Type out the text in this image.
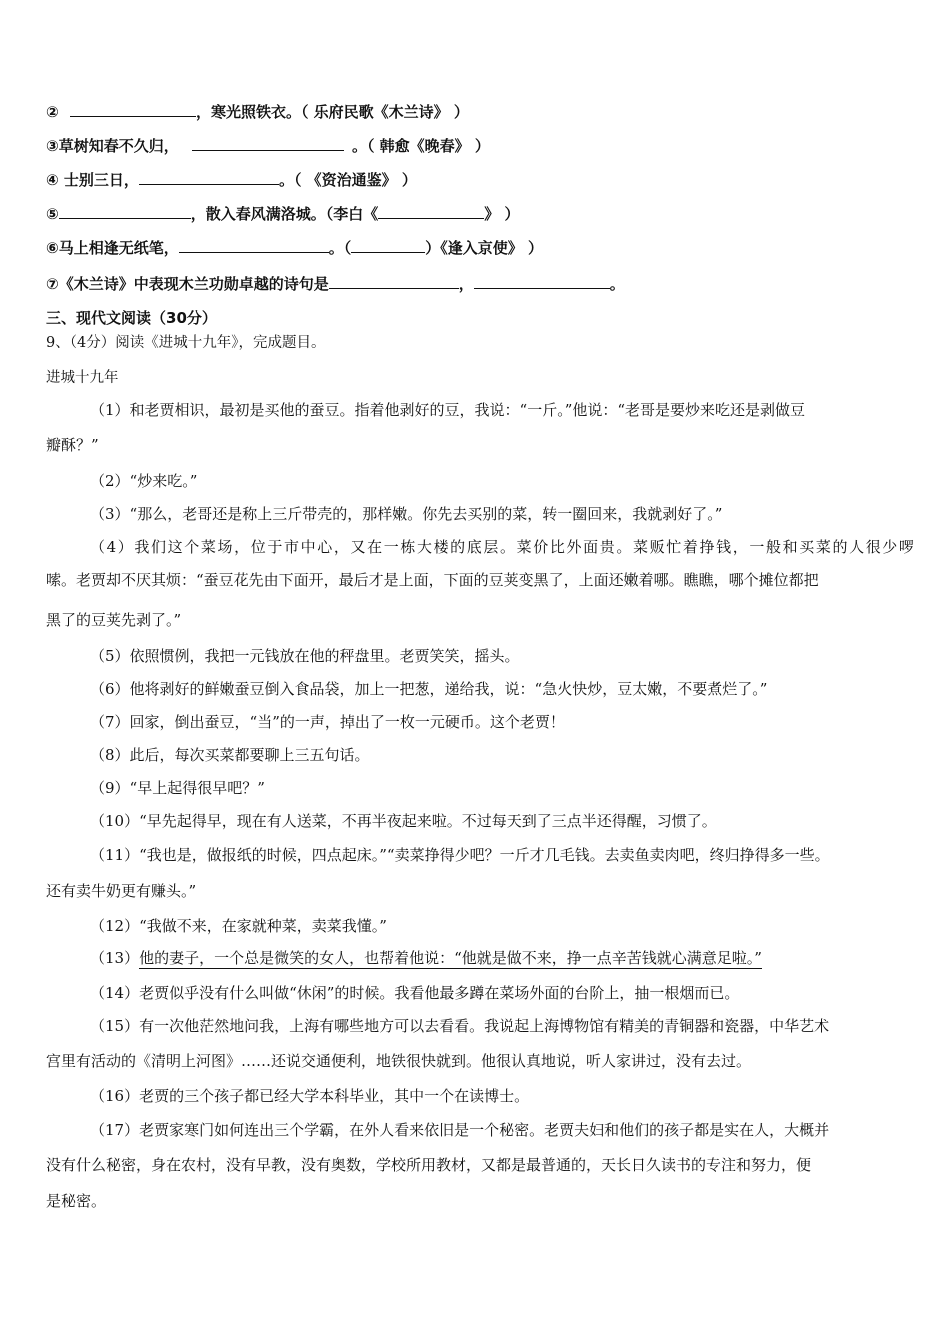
②	，寒光照铁衣。（ 乐府民歌《木兰诗》 ）
③草树知春不久归，	。（ 韩愈《晚春》 ）
④ 士别三日，	。（ 《资治通鉴》 ）
⑤	，散入春风满洛城。（李白《	》 ）
⑥马上相逢无纸笔，	。（	）《逢入京使》 ）
⑦《木兰诗》中表现木兰功勋卓越的诗句是	，	。
三、现代文阅读（30分）
9、（4分）阅读《进城十九年》，完成题目。
进城十九年
（1）和老贾相识，最初是买他的蚕豆。指着他剥好的豆，我说：“一斤。”他说：“老哥是要炒来吃还是剥做豆
瓣酥？”
（2）“炒来吃。”
（3）“那么，老哥还是称上三斤带壳的，那样嫩。你先去买别的菜，转一圈回来，我就剥好了。”
（4）我们这个菜场，位于市中心，又在一栋大楼的底层。菜价比外面贵。菜贩忙着挣钱，一般和买菜的人很少啰
嗦。老贾却不厌其烦：“蚕豆花先由下面开，最后才是上面，下面的豆荚变黑了，上面还嫩着哪。瞧瞧，哪个摊位都把
黑了的豆荚先剥了。”
（5）依照惯例，我把一元钱放在他的秤盘里。老贾笑笑，摇头。
（6）他将剥好的鲜嫩蚕豆倒入食品袋，加上一把葱，递给我，说：“急火快炒，豆太嫩，不要煮烂了。”
（7）回家，倒出蚕豆，“当”的一声，掉出了一枚一元硬币。这个老贾！
（8）此后，每次买菜都要聊上三五句话。
（9）“早上起得很早吧？”
（10）“早先起得早，现在有人送菜，不再半夜起来啦。不过每天到了三点半还得醒，习惯了。
（11）“我也是，做报纸的时候，四点起床。”“卖菜挣得少吧？一斤才几毛钱。去卖鱼卖肉吧，终归挣得多一些。
还有卖牛奶更有赚头。”
（12）“我做不来，在家就种菜，卖菜我懂。”
（13）他的妻子，一个总是微笑的女人，也帮着他说：“他就是做不来，挣一点辛苦钱就心满意足啦。”
（14）老贾似乎没有什么叫做“休闲”的时候。我看他最多蹲在菜场外面的台阶上，抽一根烟而已。
（15）有一次他茫然地问我，上海有哪些地方可以去看看。我说起上海博物馆有精美的青铜器和瓷器，中华艺术
宫里有活动的《清明上河图》……还说交通便利，地铁很快就到。他很认真地说，听人家讲过，没有去过。
（16）老贾的三个孩子都已经大学本科毕业，其中一个在读博士。
（17）老贾家寒门如何连出三个学霸，在外人看来依旧是一个秘密。老贾夫妇和他们的孩子都是实在人，大概并
没有什么秘密，身在农村，没有早教，没有奥数，学校所用教材，又都是最普通的，天长日久读书的专注和努力，便
是秘密。
